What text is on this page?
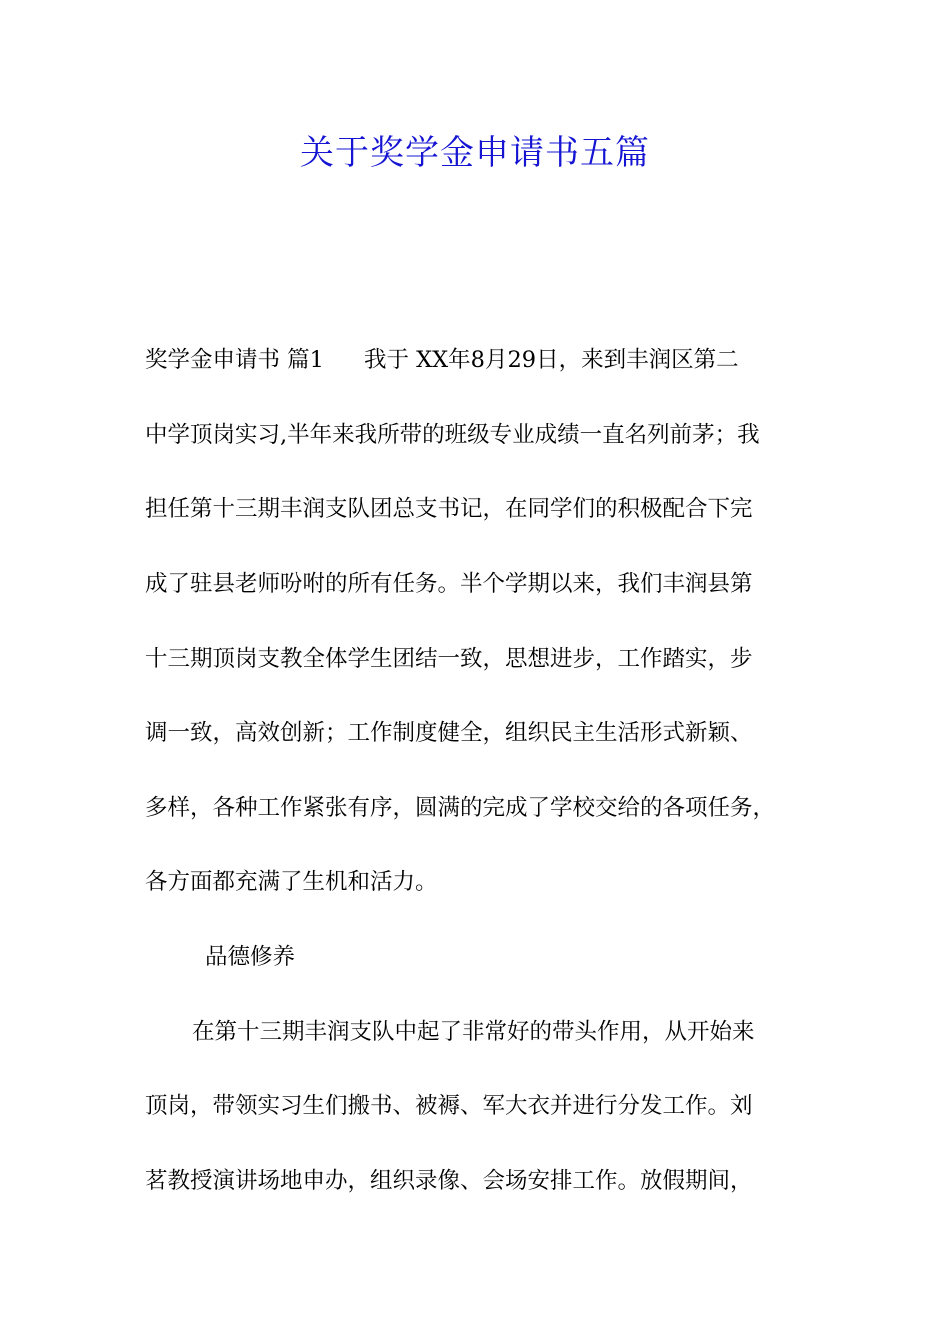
关于奖学金申请书五篇

奖学金申请书 篇1 我于 XX年8月29日，来到丰润区第二

中学顶岗实习,半年来我所带的班级专业成绩一直名列前茅；我

担任第十三期丰润支队团总支书记，在同学们的积极配合下完

成了驻县老师吩咐的所有任务。半个学期以来，我们丰润县第

十三期顶岗支教全体学生团结一致，思想进步，工作踏实，步

调一致，高效创新；工作制度健全，组织民主生活形式新颖、

多样，各种工作紧张有序，圆满的完成了学校交给的各项任务，

各方面都充满了生机和活力。

品德修养

在第十三期丰润支队中起了非常好的带头作用，从开始来

顶岗，带领实习生们搬书、被褥、军大衣并进行分发工作。刘

茗教授演讲场地申办，组织录像、会场安排工作。放假期间，
